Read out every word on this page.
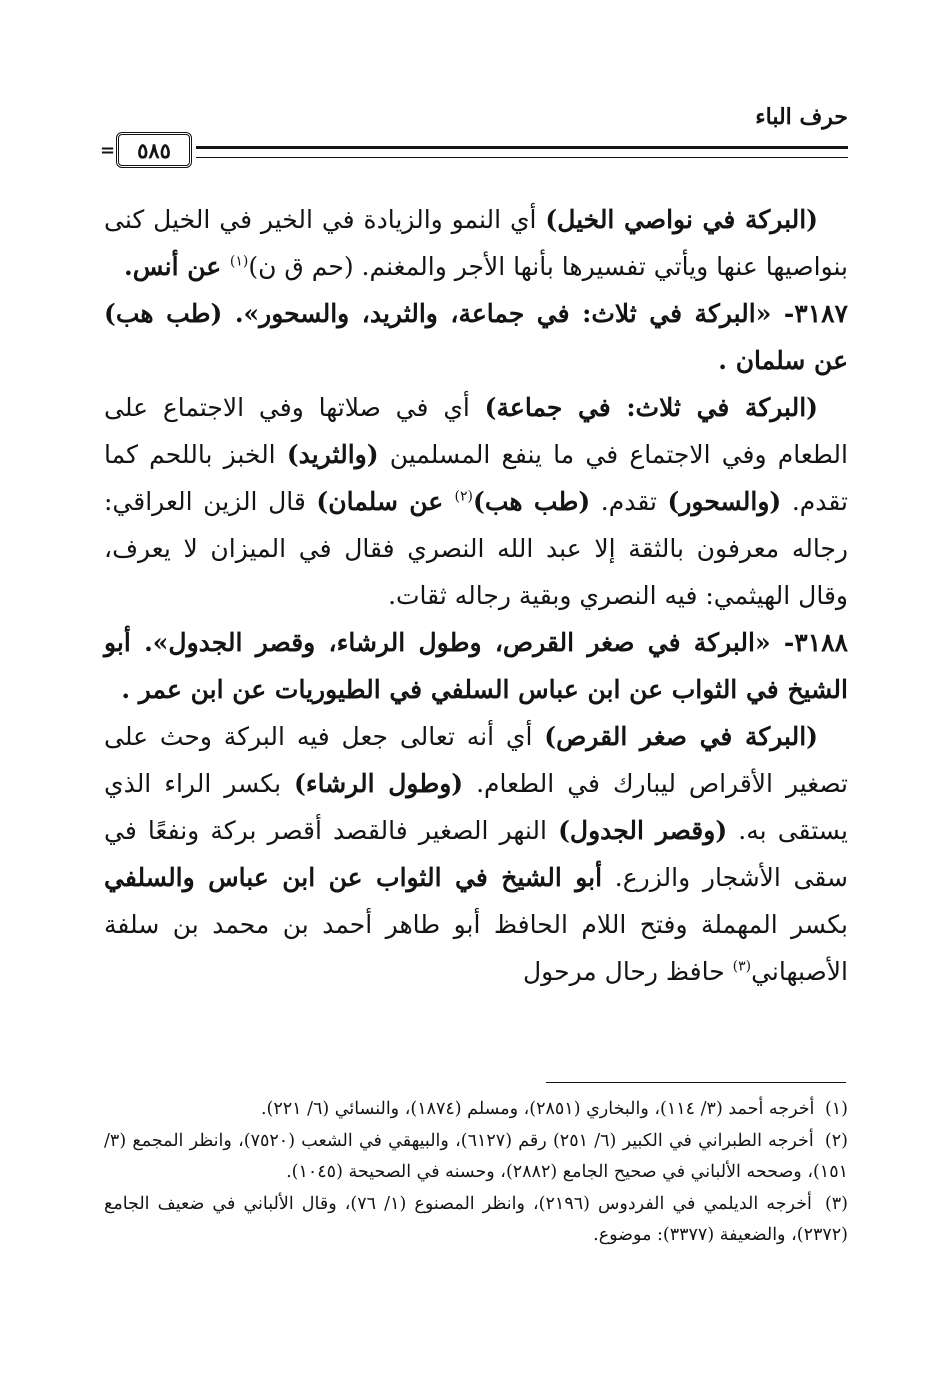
حرف الباء
٥٨٥
=

(البركة في نواصي الخيل) أي النمو والزيادة في الخير في الخيل كنى بنواصيها عنها ويأتي تفسيرها بأنها الأجر والمغنم. (حم ق ن)$^{(١)}$ عن أنس.

٣١٨٧- «البركة في ثلاث: في جماعة، والثريد، والسحور». (طب هب) عن سلمان .

(البركة في ثلاث: في جماعة) أي في صلاتها وفي الاجتماع على الطعام وفي الاجتماع في ما ينفع المسلمين (والثريد) الخبز باللحم كما تقدم. (والسحور) تقدم. (طب هب)$^{(٢)}$ عن سلمان) قال الزين العراقي: رجاله معرفون بالثقة إلا عبد الله النصري فقال في الميزان لا يعرف، وقال الهيثمي: فيه النصري وبقية رجاله ثقات.

٣١٨٨- «البركة في صغر القرص، وطول الرشاء، وقصر الجدول». أبو الشيخ في الثواب عن ابن عباس السلفي في الطيوريات عن ابن عمر .

(البركة في صغر القرص) أي أنه تعالى جعل فيه البركة وحث على تصغير الأقراص ليبارك في الطعام. (وطول الرشاء) بكسر الراء الذي يستقى به. (وقصر الجدول) النهر الصغير فالقصد أقصر بركة ونفعًا في سقى الأشجار والزرع. أبو الشيخ في الثواب عن ابن عباس والسلفي بكسر المهملة وفتح اللام الحافظ أبو طاهر أحمد بن محمد بن سلفة الأصبهاني$^{(٣)}$ حافظ رحال مرحول

(١) أخرجه أحمد (٣/ ١١٤)، والبخاري (٢٨٥١)، ومسلم (١٨٧٤)، والنسائي (٦/ ٢٢١).

(٢) أخرجه الطبراني في الكبير (٦/ ٢٥١) رقم (٦١٢٧)، والبيهقي في الشعب (٧٥٢٠)، وانظر المجمع (٣/ ١٥١)، وصححه الألباني في صحيح الجامع (٢٨٨٢)، وحسنه في الصحيحة (١٠٤٥).

(٣) أخرجه الديلمي في الفردوس (٢١٩٦)، وانظر المصنوع (١/ ٧٦)، وقال الألباني في ضعيف الجامع (٢٣٧٢)، والضعيفة (٣٣٧٧): موضوع.
